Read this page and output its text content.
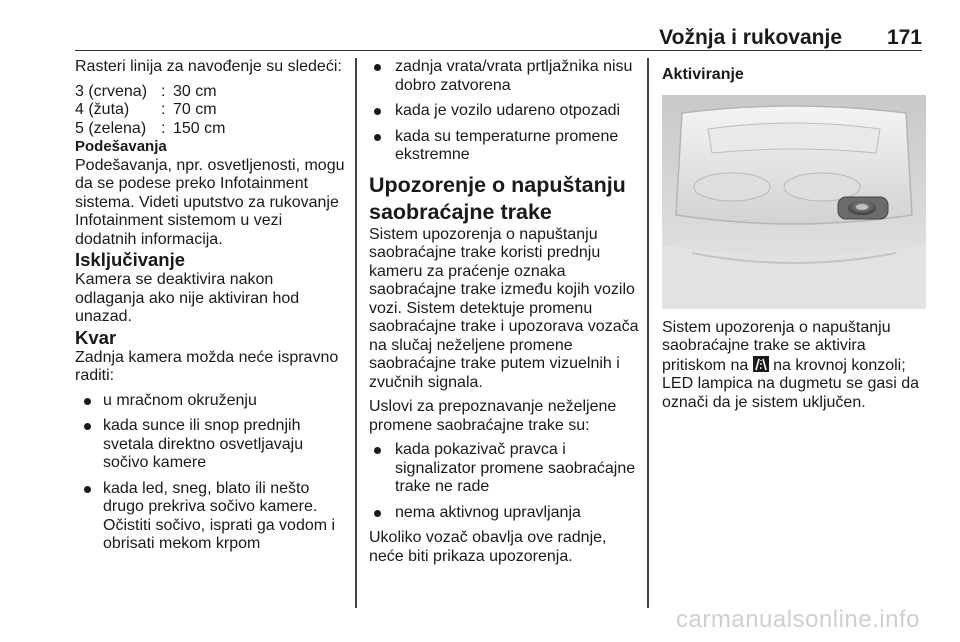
Vožnja i rukovanje 171

Rasteri linija za navođenje su sledeći:

3 (crvena) : 30 cm
4 (žuta)	: 70 cm
5 (zelena) : 150 cm

Podešavanja

Podešavanja, npr. osvetljenosti, mogu da se podese preko Infotainment sistema. Videti uputstvo za rukovanje Infotainment sistemom u vezi dodatnih informacija.

Isključivanje

Kamera se deaktivira nakon odlaganja ako nije aktiviran hod unazad.

Kvar

Zadnja kamera možda neće ispravno raditi:

u mračnom okruženju
kada sunce ili snop prednjih svetala direktno osvetljavaju sočivo kamere
kada led, sneg, blato ili nešto drugo prekriva sočivo kamere. Očistiti sočivo, isprati ga vodom i obrisati mekom krpom
zadnja vrata/vrata prtljažnika nisu dobro zatvorena
kada je vozilo udareno otpozadi
kada su temperaturne promene ekstremne

Upozorenje o napuštanju saobraćajne trake

Sistem upozorenja o napuštanju saobraćajne trake koristi prednju kameru za praćenje oznaka saobraćajne trake između kojih vozilo vozi. Sistem detektuje promenu saobraćajne trake i upozorava vozača na slučaj neželjene promene saobraćajne trake putem vizuelnih i zvučnih signala.

Uslovi za prepoznavanje neželjene promene saobraćajne trake su:

kada pokazivač pravca i signalizator promene saobraćajne trake ne rade
nema aktivnog upravljanja

Ukoliko vozač obavlja ove radnje, neće biti prikaza upozorenja.

Aktiviranje

Sistem upozorenja o napuštanju saobraćajne trake se aktivira pritiskom na na krovnoj konzoli; LED lampica na dugmetu se gasi da označi da je sistem uključen.

carmanualsonline.info
